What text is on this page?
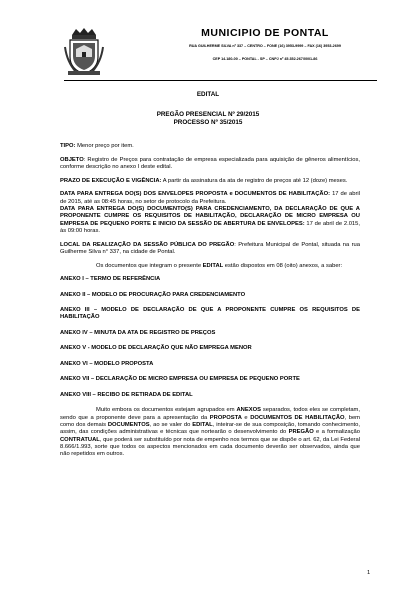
MUNICIPIO DE PONTAL
RUA GUILHERME SILVA nº 337 – CENTRO – FONE (16) 3953-9999 – FAX (16) 3953-2699
CEP 14.180-00 – PONTAL - SP – CNPJ nº 45.352.267/0001-86
EDITAL
PREGÃO PRESENCIAL Nº 29/2015
PROCESSO Nº 35/2015

TIPO: Menor preço por item.

OBJETO: Registro de Preços para contratação de empresa especializada para aquisição de gêneros alimentícios, conforme descrição no anexo I deste edital.

PRAZO DE EXECUÇÃO E VIGÊNCIA: A partir da assinatura da ata de registro de preços até 12 (doze) meses.

DATA PARA ENTREGA DO(S) DOS ENVELOPES PROPOSTA e DOCUMENTOS DE HABILITAÇÃO: 17 de abril de 2015, até as 08:45 horas, no setor de protocolo da Prefeitura.
DATA PARA ENTREGA DO(S) DOCUMENTO(S) PARA CREDENCIAMENTO, DA DECLARAÇÃO DE QUE A PROPONENTE CUMPRE OS REQUISITOS DE HABILITAÇÃO, DECLARAÇÃO DE MICRO EMPRESA OU EMPRESA DE PEQUENO PORTE E INICIO DA SESSÃO DE ABERTURA DE ENVELOPES: 17 de abril de 2.015, às 09:00 horas.

LOCAL DA REALIZAÇÃO DA SESSÃO PÚBLICA DO PREGÃO: Prefeitura Municipal de Pontal, situada na rua Guilherme Silva n° 337, na cidade de Pontal.

Os documentos que integram o presente EDITAL estão dispostos em 08 (oito) anexos, a saber:

ANEXO I – TERMO DE REFERÊNCIA

ANEXO II – MODELO DE PROCURAÇÃO PARA CREDENCIAMENTO

ANEXO III – MODELO DE DECLARAÇÃO DE QUE A PROPONENTE CUMPRE OS REQUISITOS DE HABILITAÇÃO

ANEXO IV – MINUTA DA ATA DE REGISTRO DE PREÇOS

ANEXO V - MODELO DE DECLARAÇÃO QUE NÃO EMPREGA MENOR

ANEXO VI – MODELO PROPOSTA

ANEXO VII – DECLARAÇÃO DE MICRO EMPRESA OU EMPRESA DE PEQUENO PORTE

ANEXO VIII – RECIBO DE RETIRADA DE EDITAL

Muito embora os documentos estejam agrupados em ANEXOS separados, todos eles se completam, sendo que a proponente deve para a apresentação da PROPOSTA e DOCUMENTOS DE HABILITAÇÃO, bem como dos demais DOCUMENTOS, ao se valer do EDITAL, inteirar-se de sua composição, tomando conhecimento, assim, das condições administrativas e técnicas que nortearão o desenvolvimento do PREGÃO e a formalização CONTRATUAL, que poderá ser substituído por nota de empenho nos termos que se dispõe o art. 62, da Lei Federal 8.666/1.993, sorte que todos os aspectos mencionados em cada documento deverão ser observados, ainda que não repetidos em outros.

1
